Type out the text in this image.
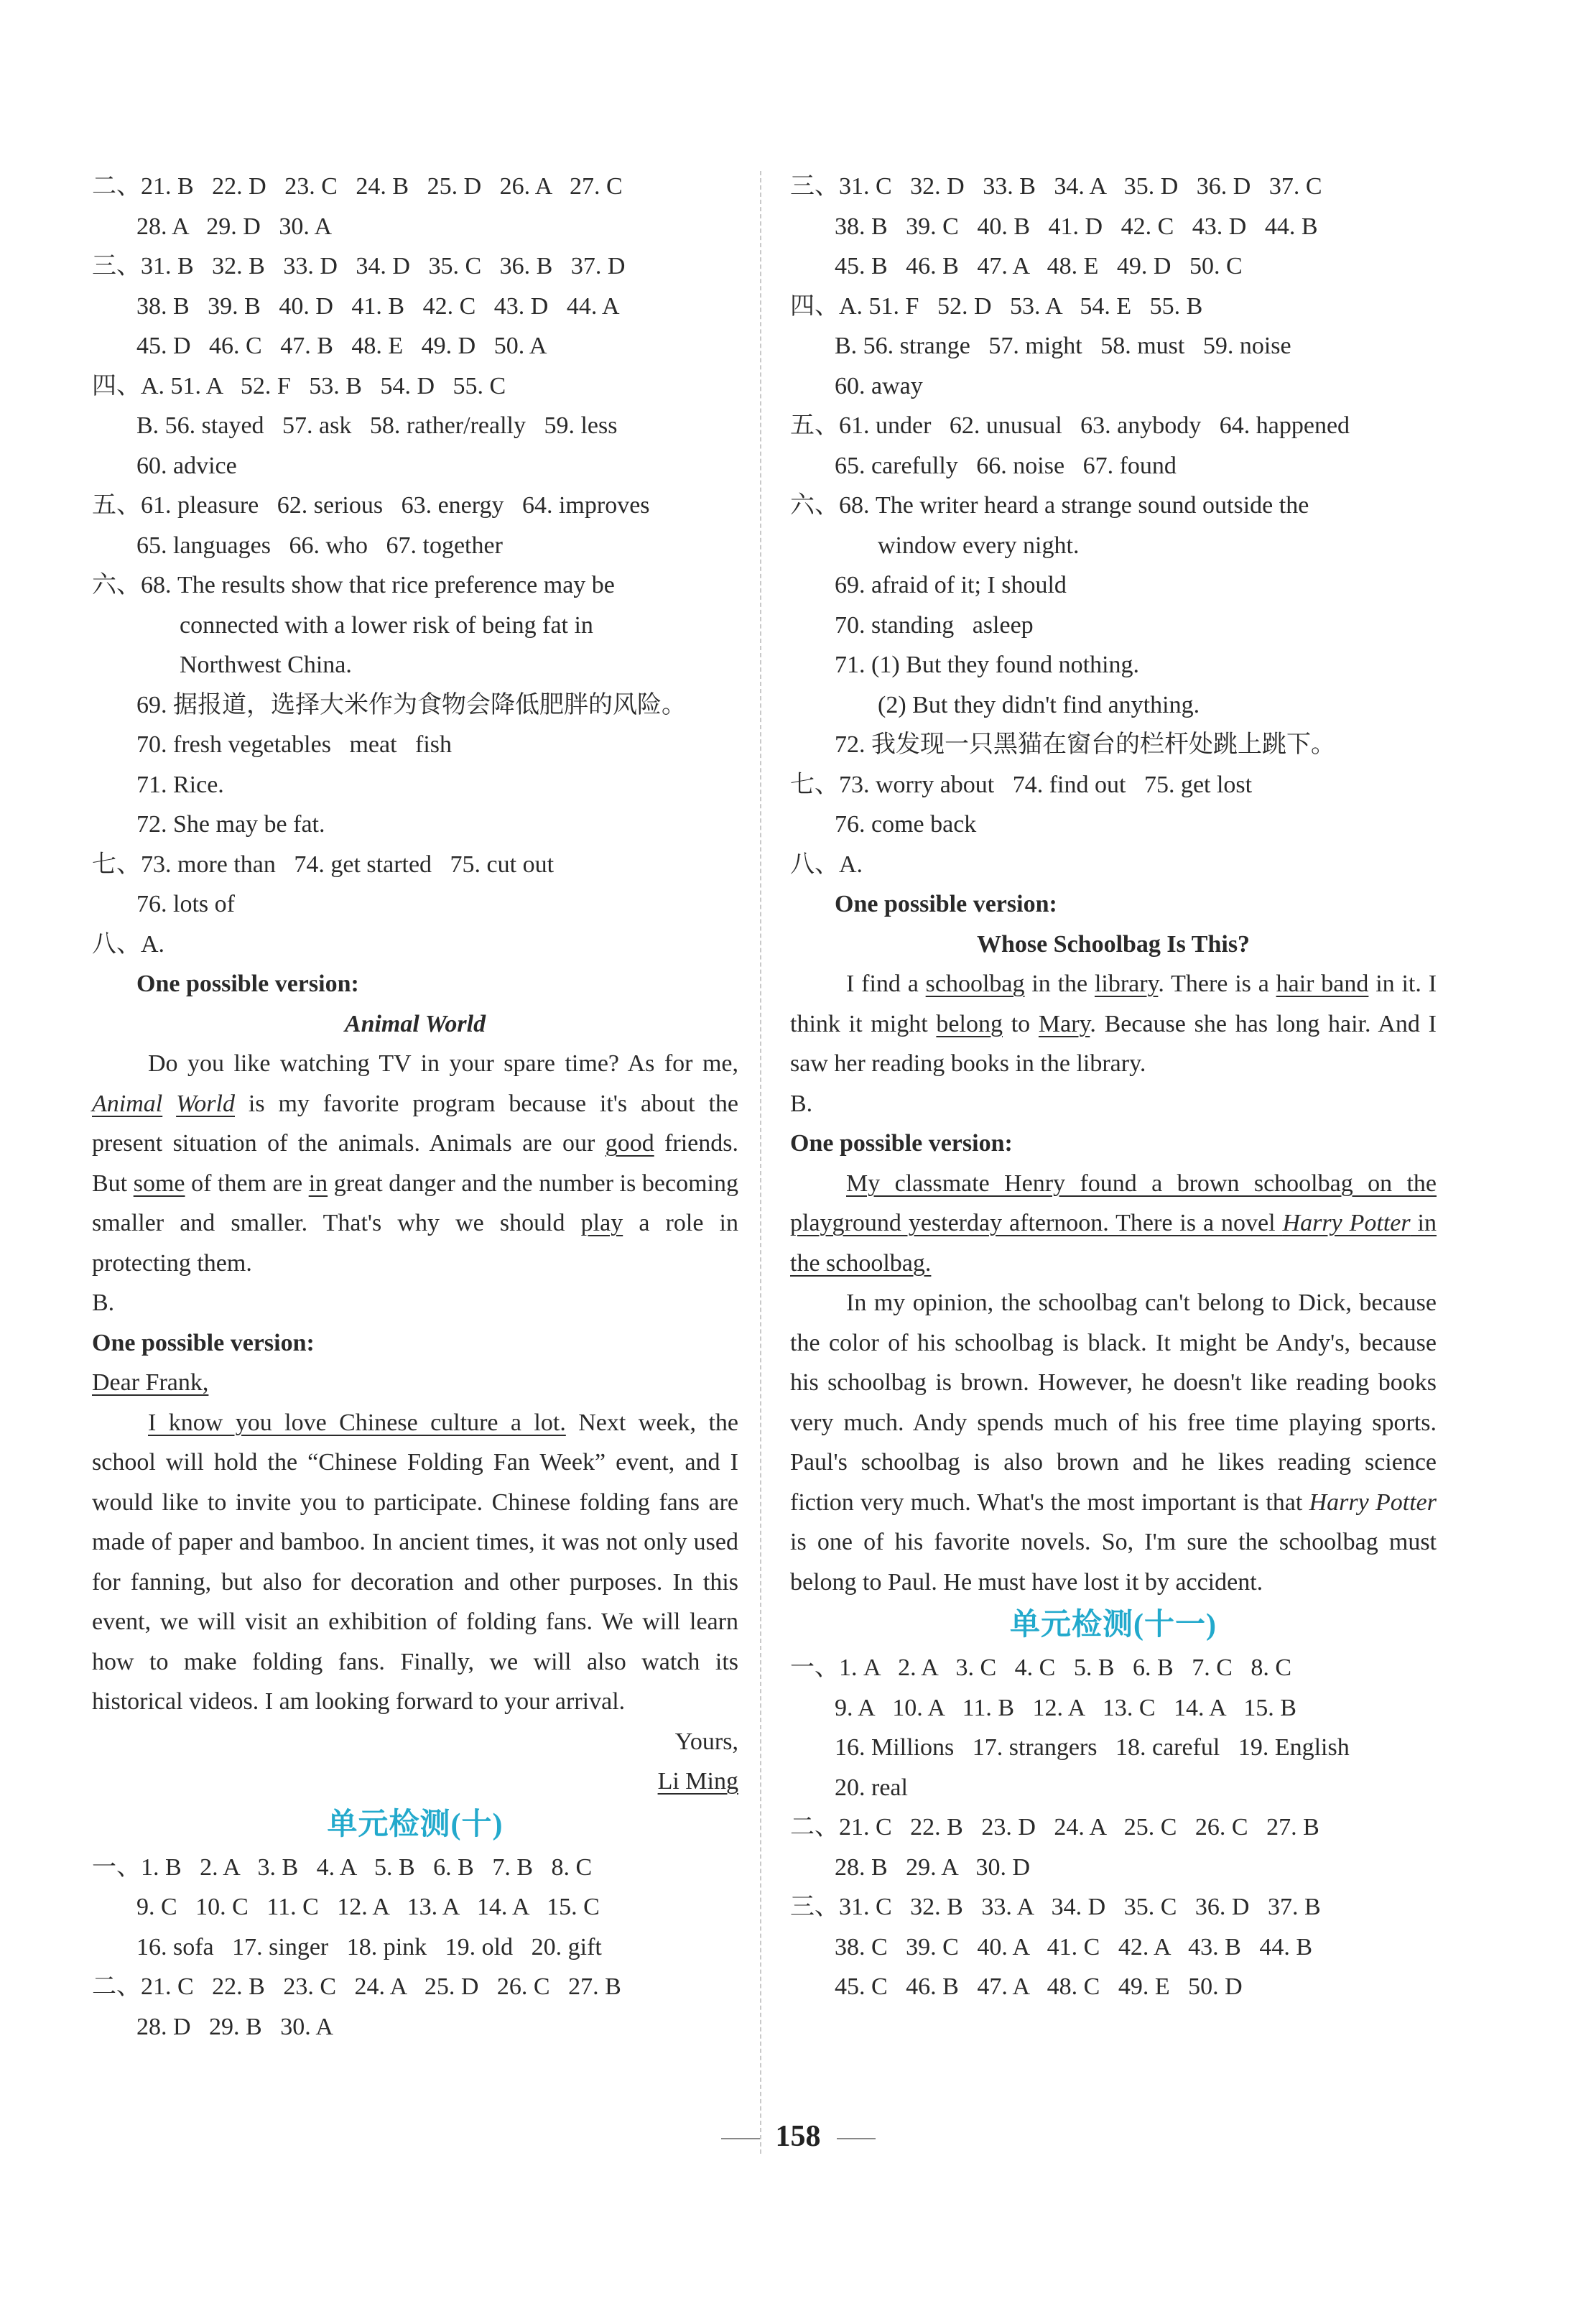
二、21. B   22. D   23. C   24. B   25. D   26. A   27. C
28. A   29. D   30. A
三、31. B   32. B   33. D   34. D   35. C   36. B   37. D
38. B   39. B   40. D   41. B   42. C   43. D   44. A
45. D   46. C   47. B   48. E   49. D   50. A
四、A. 51. A   52. F   53. B   54. D   55. C
B. 56. stayed   57. ask   58. rather/really   59. less
60. advice
五、61. pleasure   62. serious   63. energy   64. improves
65. languages   66. who   67. together
六、68. The results show that rice preference may be
connected with a lower risk of being fat in
Northwest China.
69. 据报道，选择大米作为食物会降低肥胖的风险。
70. fresh vegetables   meat   fish
71. Rice.
72. She may be fat.
七、73. more than   74. get started   75. cut out
76. lots of
八、A.
One possible version:
Animal World
Do you like watching TV in your spare time? As for me, Animal World is my favorite program because it's about the present situation of the animals. Animals are our good friends. But some of them are in great danger and the number is becoming smaller and smaller. That's why we should play a role in protecting them.
B.
One possible version:
Dear Frank,
I know you love Chinese culture a lot. Next week, the school will hold the “Chinese Folding Fan Week” event, and I would like to invite you to participate. Chinese folding fans are made of paper and bamboo. In ancient times, it was not only used for fanning, but also for decoration and other purposes. In this event, we will visit an exhibition of folding fans. We will learn how to make folding fans. Finally, we will also watch its historical videos. I am looking forward to your arrival.
Yours,
Li Ming
单元检测(十)
一、1. B   2. A   3. B   4. A   5. B   6. B   7. B   8. C
9. C   10. C   11. C   12. A   13. A   14. A   15. C
16. sofa   17. singer   18. pink   19. old   20. gift
二、21. C   22. B   23. C   24. A   25. D   26. C   27. B
28. D   29. B   30. A
三、31. C   32. D   33. B   34. A   35. D   36. D   37. C
38. B   39. C   40. B   41. D   42. C   43. D   44. B
45. B   46. B   47. A   48. E   49. D   50. C
四、A. 51. F   52. D   53. A   54. E   55. B
B. 56. strange   57. might   58. must   59. noise
60. away
五、61. under   62. unusual   63. anybody   64. happened
65. carefully   66. noise   67. found
六、68. The writer heard a strange sound outside the
window every night.
69. afraid of it; I should
70. standing   asleep
71. (1) But they found nothing.
(2) But they didn't find anything.
72. 我发现一只黑猫在窗台的栏杆处跳上跳下。
七、73. worry about   74. find out   75. get lost
76. come back
八、A.
One possible version:
Whose Schoolbag Is This?
I find a schoolbag in the library. There is a hair band in it. I think it might belong to Mary. Because she has long hair. And I saw her reading books in the library.
B.
One possible version:
My classmate Henry found a brown schoolbag on the playground yesterday afternoon. There is a novel Harry Potter in the schoolbag.
In my opinion, the schoolbag can't belong to Dick, because the color of his schoolbag is black. It might be Andy's, because his schoolbag is brown. However, he doesn't like reading books very much. Andy spends much of his free time playing sports. Paul's schoolbag is also brown and he likes reading science fiction very much. What's the most important is that Harry Potter is one of his favorite novels. So, I'm sure the schoolbag must belong to Paul. He must have lost it by accident.
单元检测(十一)
一、1. A   2. A   3. C   4. C   5. B   6. B   7. C   8. C
9. A   10. A   11. B   12. A   13. C   14. A   15. B
16. Millions   17. strangers   18. careful   19. English
20. real
二、21. C   22. B   23. D   24. A   25. C   26. C   27. B
28. B   29. A   30. D
三、31. C   32. B   33. A   34. D   35. C   36. D   37. B
38. C   39. C   40. A   41. C   42. A   43. B   44. B
45. C   46. B   47. A   48. C   49. E   50. D
158
